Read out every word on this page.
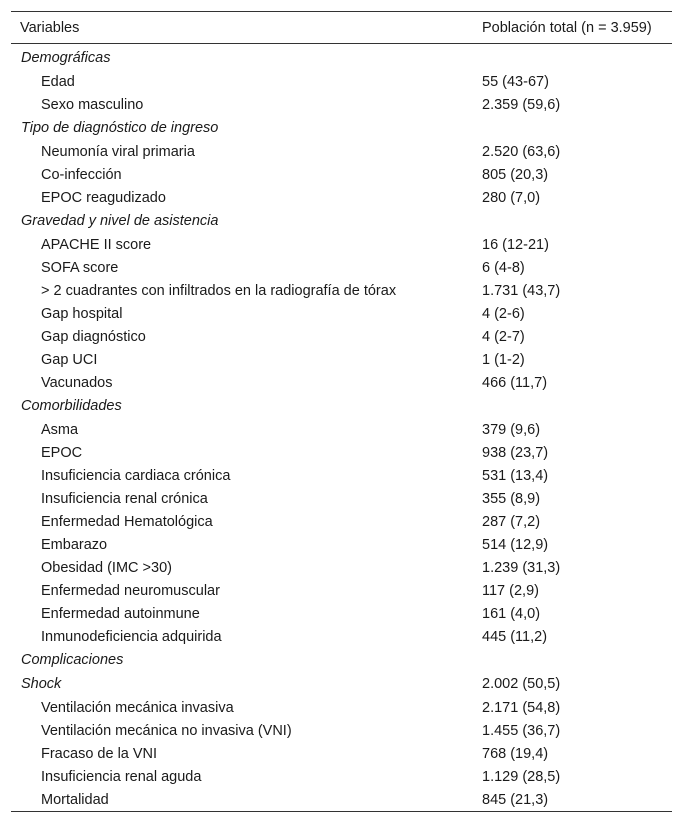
Variables	Población total (n = 3.959)
Demográficas	
Edad	55 (43-67)
Sexo masculino	2.359 (59,6)
Tipo de diagnóstico de ingreso	
Neumonía viral primaria	2.520 (63,6)
Co-infección	805 (20,3)
EPOC reagudizado	280 (7,0)
Gravedad y nivel de asistencia	
APACHE II score	16 (12-21)
SOFA score	6 (4-8)
> 2 cuadrantes con infiltrados en la radiografía de tórax	1.731 (43,7)
Gap hospital	4 (2-6)
Gap diagnóstico	4 (2-7)
Gap UCI	1 (1-2)
Vacunados	466 (11,7)
Comorbilidades	
Asma	379 (9,6)
EPOC	938 (23,7)
Insuficiencia cardiaca crónica	531 (13,4)
Insuficiencia renal crónica	355 (8,9)
Enfermedad Hematológica	287 (7,2)
Embarazo	514 (12,9)
Obesidad (IMC >30)	1.239 (31,3)
Enfermedad neuromuscular	117 (2,9)
Enfermedad autoinmune	161 (4,0)
Inmunodeficiencia adquirida	445 (11,2)
Complicaciones	
Shock	2.002 (50,5)
Ventilación mecánica invasiva	2.171 (54,8)
Ventilación mecánica no invasiva (VNI)	1.455 (36,7)
Fracaso de la VNI	768 (19,4)
Insuficiencia renal aguda	1.129 (28,5)
Mortalidad	845 (21,3)
